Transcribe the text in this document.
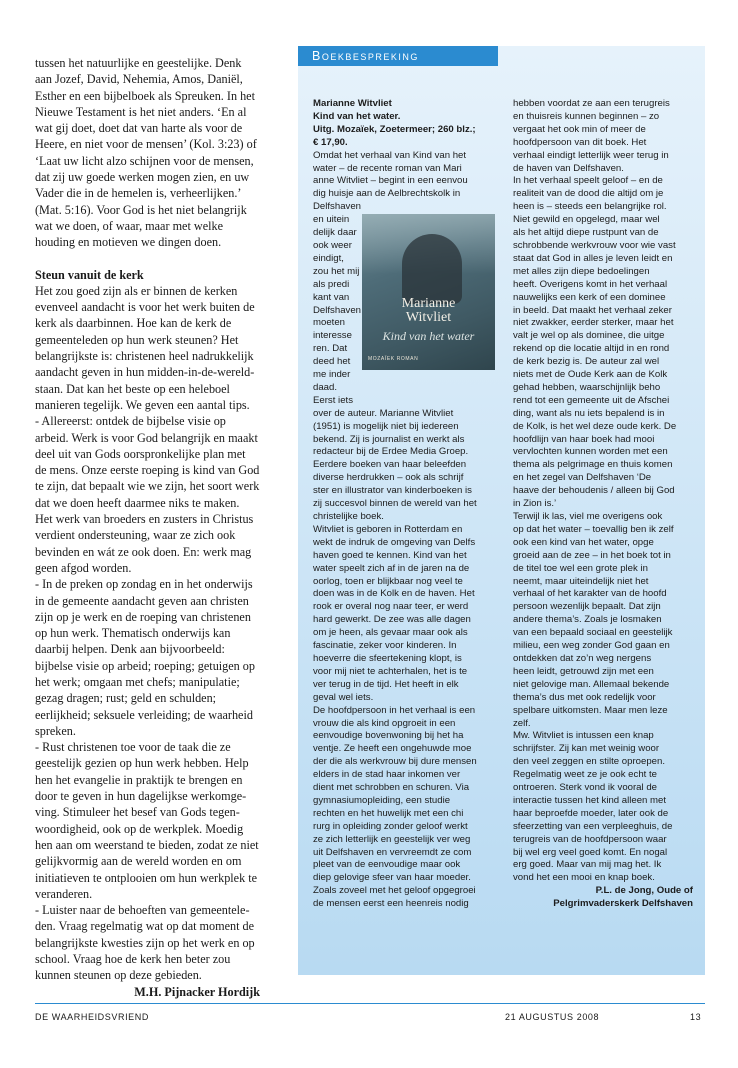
tussen het natuurlijke en geestelijke. Denk aan Jozef, David, Nehemia, Amos, Daniël, Esther en een bijbelboek als Spreuken. In het Nieuwe Testament is het niet anders. ‘En al wat gij doet, doet dat van harte als voor de Heere, en niet voor de mensen’ (Kol. 3:23) of ‘Laat uw licht alzo schijnen voor de mensen, dat zij uw goede werken mogen zien, en uw Vader die in de hemelen is, verheerlijken.’ (Mat. 5:16). Voor God is het niet belangrijk wat we doen, of waar, maar met welke houding en motieven we dingen doen.

Steun vanuit de kerk

Het zou goed zijn als er binnen de kerken evenveel aandacht is voor het werk buiten de kerk als daarbinnen. Hoe kan de kerk de gemeenteleden op hun werk steunen? Het belangrijkste is: christenen heel nadrukkelijk aandacht geven in hun midden-in-de-wereld-staan. Dat kan het beste op een heleboel manieren tegelijk. We geven een aantal tips.

- Allereerst: ontdek de bijbelse visie op arbeid. Werk is voor God belangrijk en maakt deel uit van Gods oorspronkelijke plan met de mens. Onze eerste roeping is kind van God te zijn, dat bepaalt wie we zijn, het soort werk dat we doen heeft daarmee niks te maken. Het werk van broeders en zusters in Christus verdient ondersteuning, waar ze zich ook bevinden en wát ze ook doen. En: werk mag geen afgod worden.

- In de preken op zondag en in het onderwijs in de gemeente aandacht geven aan christen zijn op je werk en de roeping van christenen op hun werk. Thematisch onderwijs kan daarbij helpen. Denk aan bijvoorbeeld: bijbelse visie op arbeid; roeping; getuigen op het werk; omgaan met chefs; manipulatie; gezag dragen; rust; geld en schulden; eerlijkheid; seksuele verleiding; de waarheid spreken.

- Rust christenen toe voor de taak die ze geestelijk gezien op hun werk hebben. Help hen het evangelie in praktijk te brengen en door te geven in hun dagelijkse werkomgeving. Stimuleer het besef van Gods tegenwoordigheid, ook op de werkplek. Moedig hen aan om weerstand te bieden, zodat ze niet gelijkvormig aan de wereld worden en om initiatieven te ontplooien om hun werkplek te veranderen.

- Luister naar de behoeften van gemeenteleden. Vraag regelmatig wat op dat moment de belangrijkste kwesties zijn op het werk en op school. Vraag hoe de kerk hen beter zou kunnen steunen op deze gebieden.

M.H. Pijnacker Hordijk

Boekbespreking

Marianne Witvliet

Kind van het water.

Uitg. Mozaïek, Zoetermeer; 260 blz.;

€ 17,90.

Omdat het verhaal van Kind van het
water – de recente roman van Mari
anne Witvliet – begint in een eenvou
dig huisje aan de Aelbrechtskolk in
Delfshaven
en uitein
delijk daar
ook weer
eindigt,
zou het mij
als predi
kant van
Delfshaven
moeten
interesse
ren. Dat
deed het
me inder
daad.
Eerst iets
over de auteur. Marianne Witvliet
(1951) is mogelijk niet bij iedereen
bekend. Zij is journalist en werkt als
redacteur bij de Erdee Media Groep.
Eerdere boeken van haar beleefden
diverse herdrukken – ook als schrijf
ster en illustrator van kinderboeken is
zij succesvol binnen de wereld van het
christelijke boek.
Witvliet is geboren in Rotterdam en
wekt de indruk de omgeving van Delfs
haven goed te kennen. Kind van het
water speelt zich af in de jaren na de
oorlog, toen er blijkbaar nog veel te
doen was in de Kolk en de haven. Het
rook er overal nog naar teer, er werd
hard gewerkt. De zee was alle dagen
om je heen, als gevaar maar ook als
fascinatie, zeker voor kinderen. In
hoeverre die sfeertekening klopt, is
voor mij niet te achterhalen, het is te
ver terug in de tijd. Het heeft in elk
geval wel iets.
De hoofdpersoon in het verhaal is een
vrouw die als kind opgroeit in een
eenvoudige bovenwoning bij het ha
ventje. Ze heeft een ongehuwde moe
der die als werkvrouw bij dure mensen
elders in de stad haar inkomen ver
dient met schrobben en schuren. Via
gymnasiumopleiding, een studie
rechten en het huwelijk met een chi
rurg in opleiding zonder geloof werkt
ze zich letterlijk en geestelijk ver weg
uit Delfshaven en vervreemdt ze com
pleet van de eenvoudige maar ook
diep gelovige sfeer van haar moeder.
Zoals zoveel met het geloof opgegroei
de mensen eerst een heenreis nodig
Marianne
Witvliet
Kind van het water
MOZAÏEK ROMAN
hebben voordat ze aan een terugreis
en thuisreis kunnen beginnen – zo
vergaat het ook min of meer de
hoofdpersoon van dit boek. Het
verhaal eindigt letterlijk weer terug in
de haven van Delfshaven.
In het verhaal speelt geloof – en de
realiteit van de dood die altijd om je
heen is – steeds een belangrijke rol.
Niet gewild en opgelegd, maar wel
als het altijd diepe rustpunt van de
schrobbende werkvrouw voor wie vast
staat dat God in alles je leven leidt en
met alles zijn diepe bedoelingen
heeft. Overigens komt in het verhaal
nauwelijks een kerk of een dominee
in beeld. Dat maakt het verhaal zeker
niet zwakker, eerder sterker, maar het
valt je wel op als dominee, die uitge
rekend op die locatie altijd in en rond
de kerk bezig is. De auteur zal wel
niets met de Oude Kerk aan de Kolk
gehad hebben, waarschijnlijk beho
rend tot een gemeente uit de Afschei
ding, want als nu iets bepalend is in
de Kolk, is het wel deze oude kerk. De
hoofdlijn van haar boek had mooi
vervlochten kunnen worden met een
thema als pelgrimage en thuis komen
en het zegel van Delfshaven ‘De
haave der behoudenis / alleen bij God
in Zion is.’
Terwijl ik las, viel me overigens ook
op dat het water – toevallig ben ik zelf
ook een kind van het water, opge
groeid aan de zee – in het boek tot in
de titel toe wel een grote plek in
neemt, maar uiteindelijk niet het
verhaal of het karakter van de hoofd
persoon wezenlijk bepaalt. Dat zijn
andere thema’s. Zoals je losmaken
van een bepaald sociaal en geestelijk
milieu, een weg zonder God gaan en
ontdekken dat zo’n weg nergens
heen leidt, getrouwd zijn met een
niet gelovige man. Allemaal bekende
thema’s dus met ook redelijk voor
spelbare uitkomsten. Maar men leze
zelf.
Mw. Witvliet is intussen een knap
schrijfster. Zij kan met weinig woor
den veel zeggen en stilte oproepen.
Regelmatig weet ze je ook echt te
ontroeren. Sterk vond ik vooral de
interactie tussen het kind alleen met
haar beproefde moeder, later ook de
sfeerzetting van een verpleeghuis, de
terugreis van de hoofdpersoon waar
bij wel erg veel goed komt. En nogal
erg goed. Maar van mij mag het. Ik
vond het een mooi en knap boek.

P.L. de Jong, Oude of

Pelgrimvaderskerk Delfshaven

DE WAARHEIDSVRIEND	21 AUGUSTUS 2008	13
